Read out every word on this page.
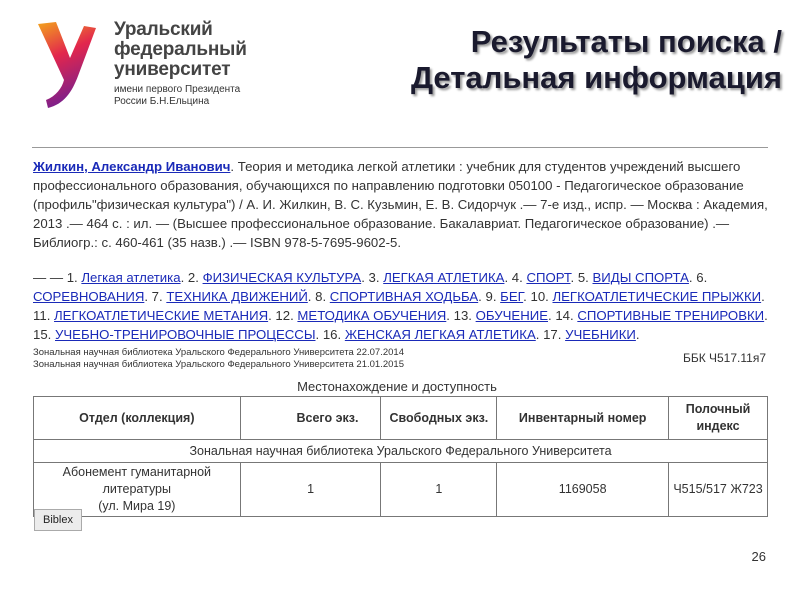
Уральский
федеральный
университет
имени первого Президента
России Б.Н.Ельцина
Результаты поиска /
Детальная информация
Жилкин, Александр Иванович. Теория и методика легкой атлетики : учебник для студентов учреждений высшего профессионального образования, обучающихся по направлению подготовки 050100 - Педагогическое образование (профиль"физическая культура") / А. И. Жилкин, В. С. Кузьмин, Е. В. Сидорчук .— 7-е изд., испр. — Москва : Академия, 2013 .— 464 с. : ил. — (Высшее профессиональное образование. Бакалавриат. Педагогическое образование) .— Библиогр.: с. 460-461 (35 назв.) .— ISBN 978-5-7695-9602-5.
— — 1. Легкая атлетика. 2. ФИЗИЧЕСКАЯ КУЛЬТУРА. 3. ЛЕГКАЯ АТЛЕТИКА. 4. СПОРТ. 5. ВИДЫ СПОРТА. 6. СОРЕВНОВАНИЯ. 7. ТЕХНИКА ДВИЖЕНИЙ. 8. СПОРТИВНАЯ ХОДЬБА. 9. БЕГ. 10. ЛЕГКОАТЛЕТИЧЕСКИЕ ПРЫЖКИ. 11. ЛЕГКОАТЛЕТИЧЕСКИЕ МЕТАНИЯ. 12. МЕТОДИКА ОБУЧЕНИЯ. 13. ОБУЧЕНИЕ. 14. СПОРТИВНЫЕ ТРЕНИРОВКИ. 15. УЧЕБНО-ТРЕНИРОВОЧНЫЕ ПРОЦЕССЫ. 16. ЖЕНСКАЯ ЛЕГКАЯ АТЛЕТИКА. 17. УЧЕБНИКИ.
Зональная научная библиотека Уральского Федерального Университета 22.07.2014
Зональная научная библиотека Уральского Федерального Университета 21.01.2015	ББК Ч517.11я7
Местонахождение и доступность
Отдел (коллекция)	Всего экз.	Свободных экз.	Инвентарный номер	Полочный индекс
Зональная научная библиотека Уральского Федерального Университета				

Абонемент гуманитарной литературы
(ул. Мира 19)	1	1	1169058	Ч515/517 Ж723
Biblex
26
